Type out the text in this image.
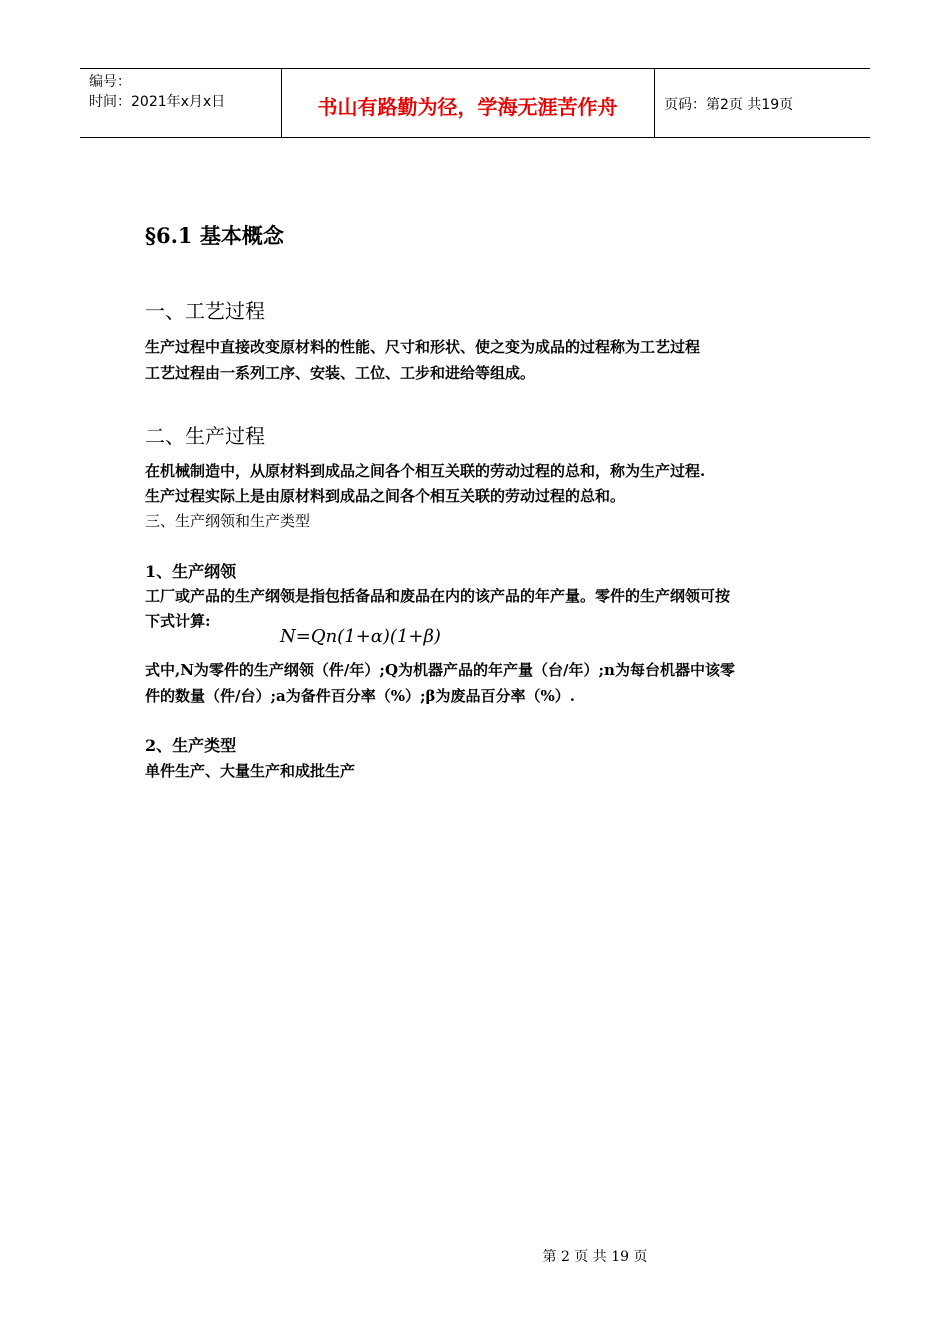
编号：
时间：2021年x月x日	书山有路勤为径，学海无涯苦作舟	页码：第2页 共19页
§6.1 基本概念
一、工艺过程
生产过程中直接改变原材料的性能、尺寸和形状、使之变为成品的过程称为工艺过程
工艺过程由一系列工序、安装、工位、工步和进给等组成。
二、生产过程
在机械制造中，从原材料到成品之间各个相互关联的劳动过程的总和，称为生产过程.
生产过程实际上是由原材料到成品之间各个相互关联的劳动过程的总和。
三、生产纲领和生产类型
1、生产纲领
工厂或产品的生产纲领是指包括备品和废品在内的该产品的年产量。零件的生产纲领可按
下式计算:
N=Qn(1+α)(1+β)
式中,N为零件的生产纲领（件/年）;Q为机器产品的年产量（台/年）;n为每台机器中该零
件的数量（件/台）;a为备件百分率（%）;β为废品百分率（%）.
2、生产类型
单件生产、大量生产和成批生产
第 2 页 共 19 页
